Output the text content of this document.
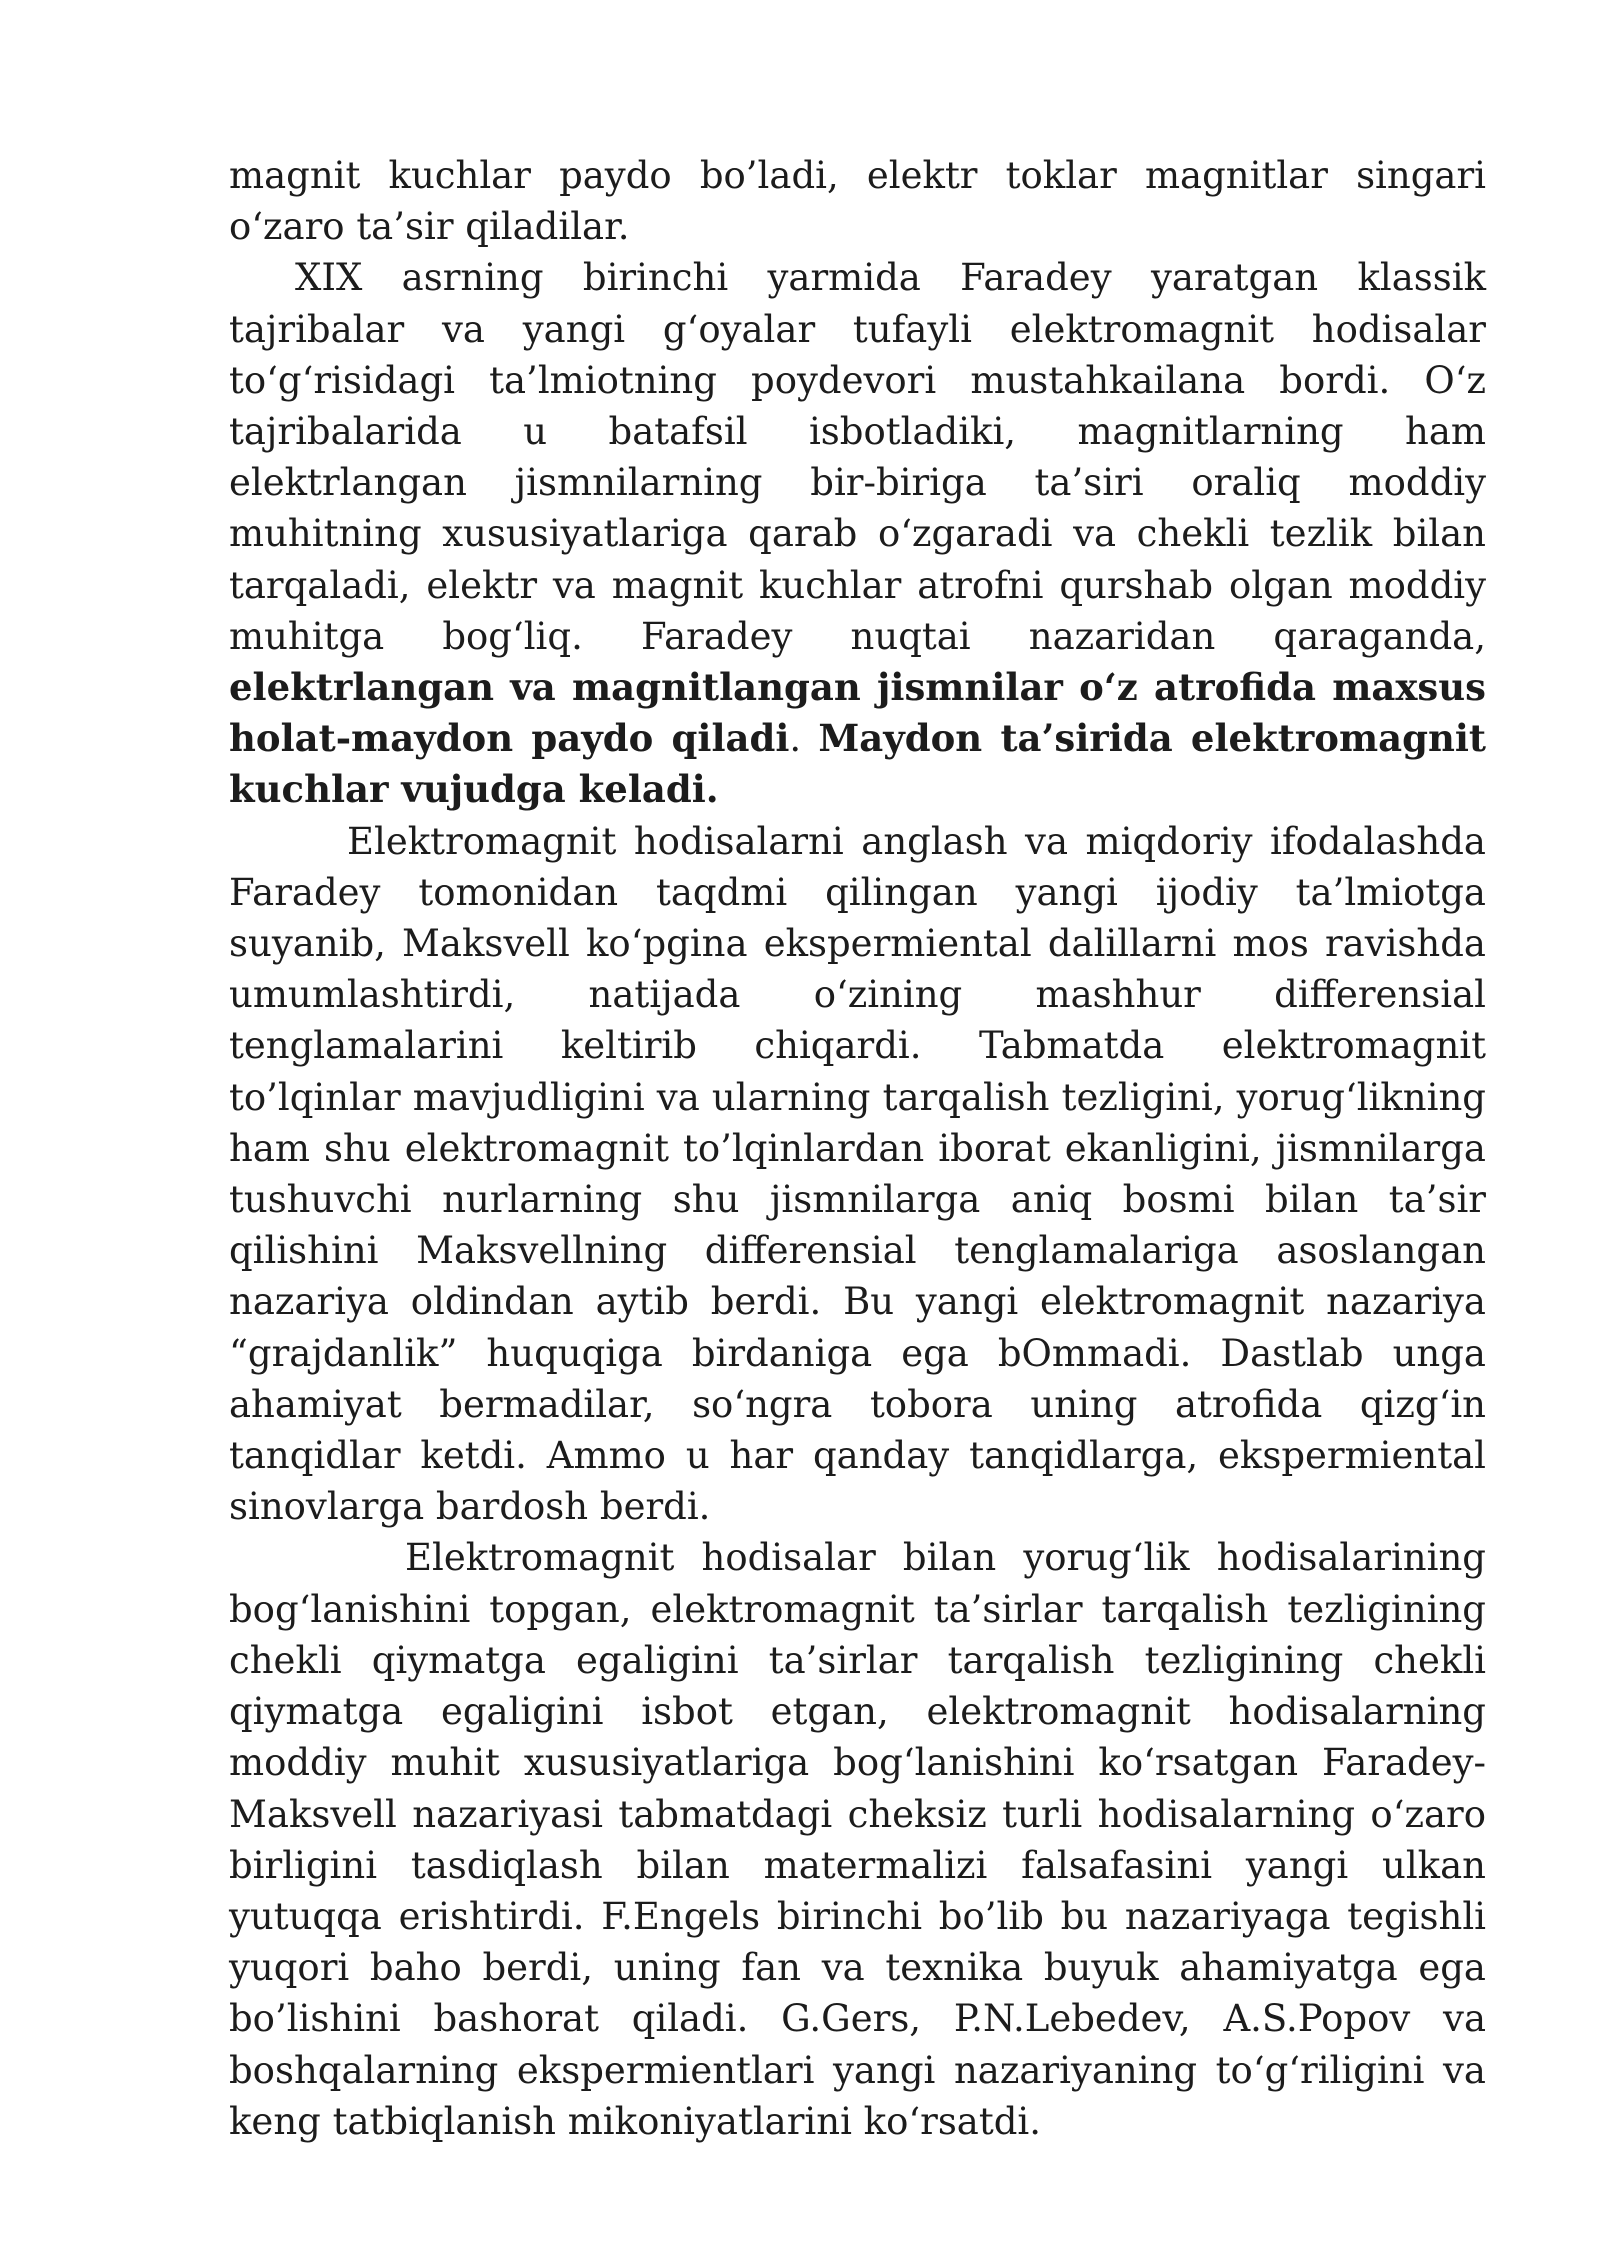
magnit kuchlar paydo bo’ladi, elektr toklar magnitlar singari o‘zaro ta’sir qiladilar.

XIX asrning birinchi yarmida Faradey yaratgan klassik tajribalar va yangi g‘oyalar tufayli elektromagnit hodisalar to‘g‘risidagi ta’lmiotning poydevori mustahkailana bordi. O‘z tajribalarida u batafsil isbotladiki, magnitlarning ham elektrlangan jismnilarning bir-biriga ta’siri oraliq moddiy muhitning xususiyatlariga qarab o‘zgaradi va chekli tezlik bilan tarqaladi, elektr va magnit kuchlar atrofni qurshab olgan moddiy muhitga bog‘liq. Faradey nuqtai nazaridan qaraganda, elektrlangan va magnitlangan jismnilar o‘z atrofida maxsus holat-maydon paydo qiladi. Maydon ta’sirida elektromagnit kuchlar vujudga keladi.

Elektromagnit hodisalarni anglash va miqdoriy ifodalashda Faradey tomonidan taqdmi qilingan yangi ijodiy ta’lmiotga suyanib, Maksvell ko‘pgina ekspermiental dalillarni mos ravishda umumlashtirdi, natijada o‘zining mashhur differensial tenglamalarini keltirib chiqardi. Tabmatda elektromagnit to’lqinlar mavjudligini va ularning tarqalish tezligini, yorug‘likning ham shu elektromagnit to’lqinlardan iborat ekanligini, jismnilarga tushuvchi nurlarning shu jismnilarga aniq bosmi bilan ta’sir qilishini Maksvellning differensial tenglamalariga asoslangan nazariya oldindan aytib berdi. Bu yangi elektromagnit nazariya “grajdanlik” huquqiga birdaniga ega bOmmadi. Dastlab unga ahamiyat bermadilar, so‘ngra tobora uning atrofida qizg‘in tanqidlar ketdi. Ammo u har qanday tanqidlarga, ekspermiental sinovlarga bardosh berdi.

Elektromagnit hodisalar bilan yorug‘lik hodisalarining bog‘lanishini topgan, elektromagnit ta’sirlar tarqalish tezligining chekli qiymatga egaligini ta’sirlar tarqalish tezligining chekli qiymatga egaligini isbot etgan, elektromagnit hodisalarning moddiy muhit xususiyatlariga bog‘lanishini ko‘rsatgan Faradey-Maksvell nazariyasi tabmatdagi cheksiz turli hodisalarning o‘zaro birligini tasdiqlash bilan matermalizi falsafasini yangi ulkan yutuqqa erishtirdi. F.Engels birinchi bo’lib bu nazariyaga tegishli yuqori baho berdi, uning fan va texnika buyuk ahamiyatga ega bo’lishini bashorat qiladi. G.Gers, P.N.Lebedev, A.S.Popov va boshqalarning ekspermientlari yangi nazariyaning to‘g‘riligini va keng tatbiqlanish mikoniyatlarini ko‘rsatdi.
